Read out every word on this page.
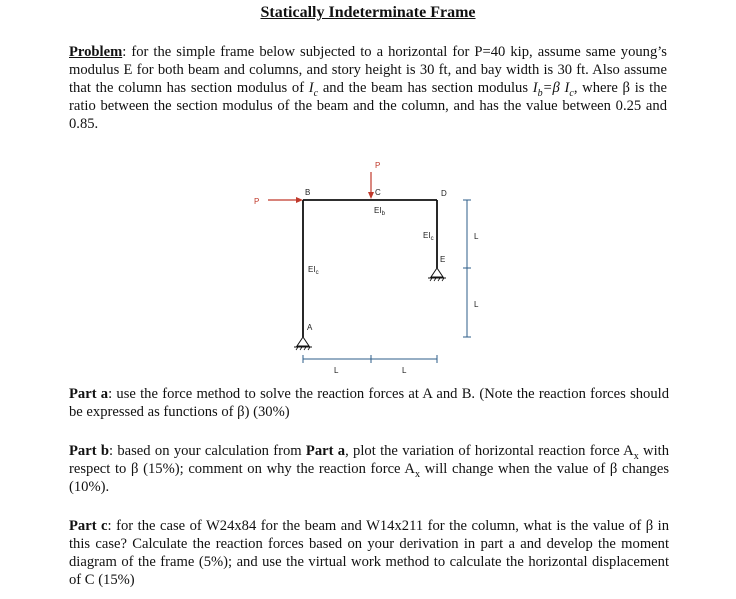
Statically Indeterminate Frame
Problem: for the simple frame below subjected to a horizontal for P=40 kip, assume same young’s modulus E for both beam and columns, and story height is 30 ft, and bay width is 30 ft. Also assume that the column has section modulus of $I_c$ and the beam has section modulus $I_b=\beta$ $I_c$, where β is the ratio between the section modulus of the beam and the column, and has the value between 0.25 and 0.85.
P
P
B	C	D
E
A
$EI_b$
$EI_c$
$EI_c$
L	L
L
L
Part a: use the force method to solve the reaction forces at A and B. (Note the reaction forces should be expressed as functions of β) (30%)
Part b: based on your calculation from Part a, plot the variation of horizontal reaction force $A_x$ with respect to β (15%); comment on why the reaction force $A_x$ will change when the value of β changes (10%).
Part c: for the case of W24x84 for the beam and W14x211 for the column, what is the value of β in this case? Calculate the reaction forces based on your derivation in part a and develop the moment diagram of the frame (5%); and use the virtual work method to calculate the horizontal displacement of C (15%)
